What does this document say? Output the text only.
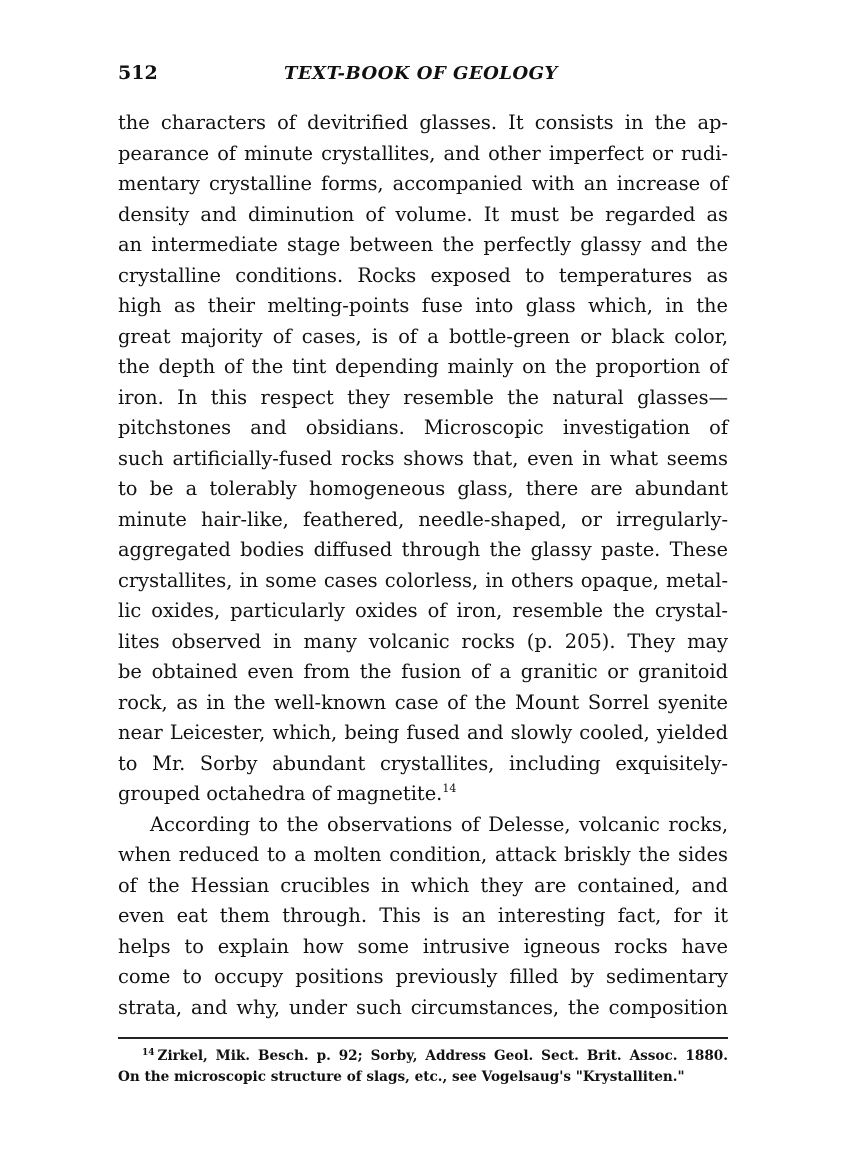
512	TEXT-BOOK OF GEOLOGY
the characters of devitrified glasses. It consists in the ap-
pearance of minute crystallites, and other imperfect or rudi-
mentary crystalline forms, accompanied with an increase of
density and diminution of volume. It must be regarded as
an intermediate stage between the perfectly glassy and the
crystalline conditions. Rocks exposed to temperatures as
high as their melting-points fuse into glass which, in the
great majority of cases, is of a bottle-green or black color,
the depth of the tint depending mainly on the proportion of
iron. In this respect they resemble the natural glasses—
pitchstones and obsidians. Microscopic investigation of
such artificially-fused rocks shows that, even in what seems
to be a tolerably homogeneous glass, there are abundant
minute hair-like, feathered, needle-shaped, or irregularly-
aggregated bodies diffused through the glassy paste. These
crystallites, in some cases colorless, in others opaque, metal-
lic oxides, particularly oxides of iron, resemble the crystal-
lites observed in many volcanic rocks (p. 205). They may
be obtained even from the fusion of a granitic or granitoid
rock, as in the well-known case of the Mount Sorrel syenite
near Leicester, which, being fused and slowly cooled, yielded
to Mr. Sorby abundant crystallites, including exquisitely-
grouped octahedra of magnetite.$^{14}$
According to the observations of Delesse, volcanic rocks,
when reduced to a molten condition, attack briskly the sides
of the Hessian crucibles in which they are contained, and
even eat them through. This is an interesting fact, for it
helps to explain how some intrusive igneous rocks have
come to occupy positions previously filled by sedimentary
strata, and why, under such circumstances, the composition
$^{14}$ Zirkel, Mik. Besch. p. 92; Sorby, Address Geol. Sect. Brit. Assoc. 1880.
On the microscopic structure of slags, etc., see Vogelsaug's "Krystalliten."
